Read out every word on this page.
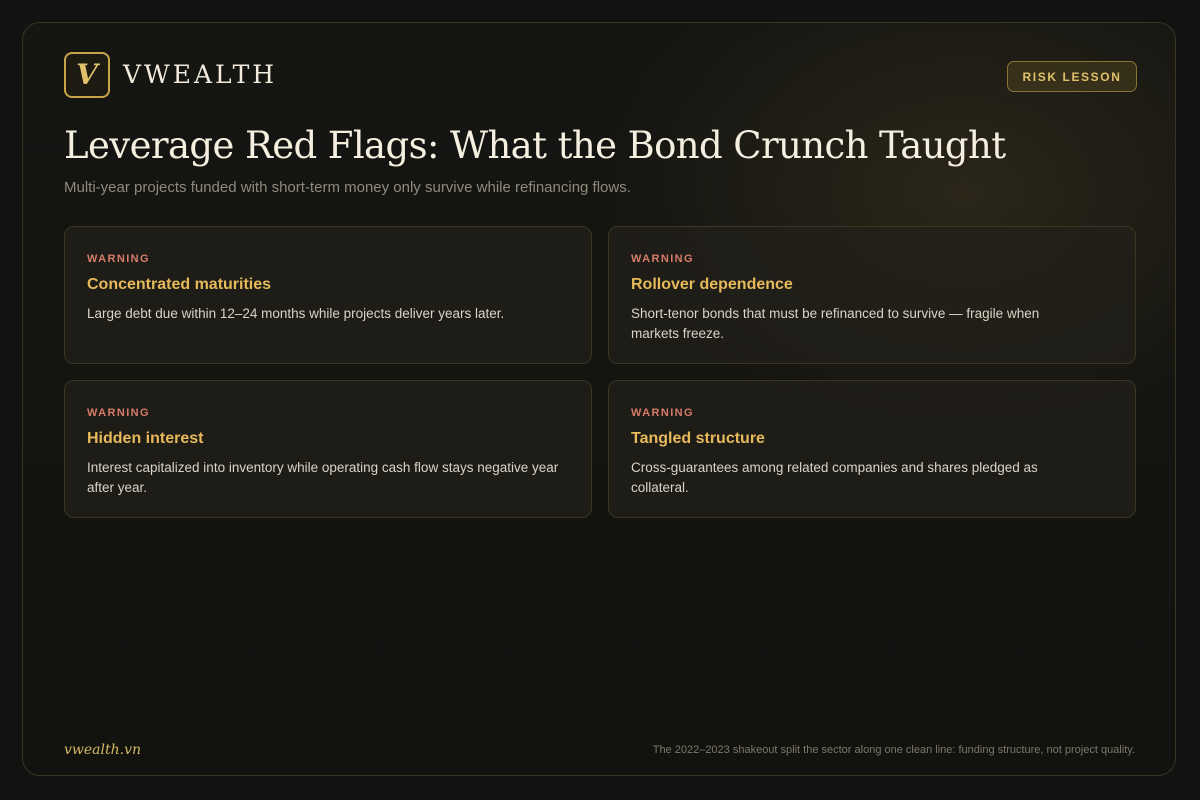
V VWEALTH	RISK LESSON
Leverage Red Flags: What the Bond Crunch Taught
Multi-year projects funded with short-term money only survive while refinancing flows.
WARNING
Concentrated maturities
Large debt due within 12–24 months while projects deliver years later.
WARNING
Rollover dependence
Short-tenor bonds that must be refinanced to survive — fragile when markets freeze.
WARNING
Hidden interest
Interest capitalized into inventory while operating cash flow stays negative year after year.
WARNING
Tangled structure
Cross-guarantees among related companies and shares pledged as collateral.
vwealth.vn	The 2022–2023 shakeout split the sector along one clean line: funding structure, not project quality.
